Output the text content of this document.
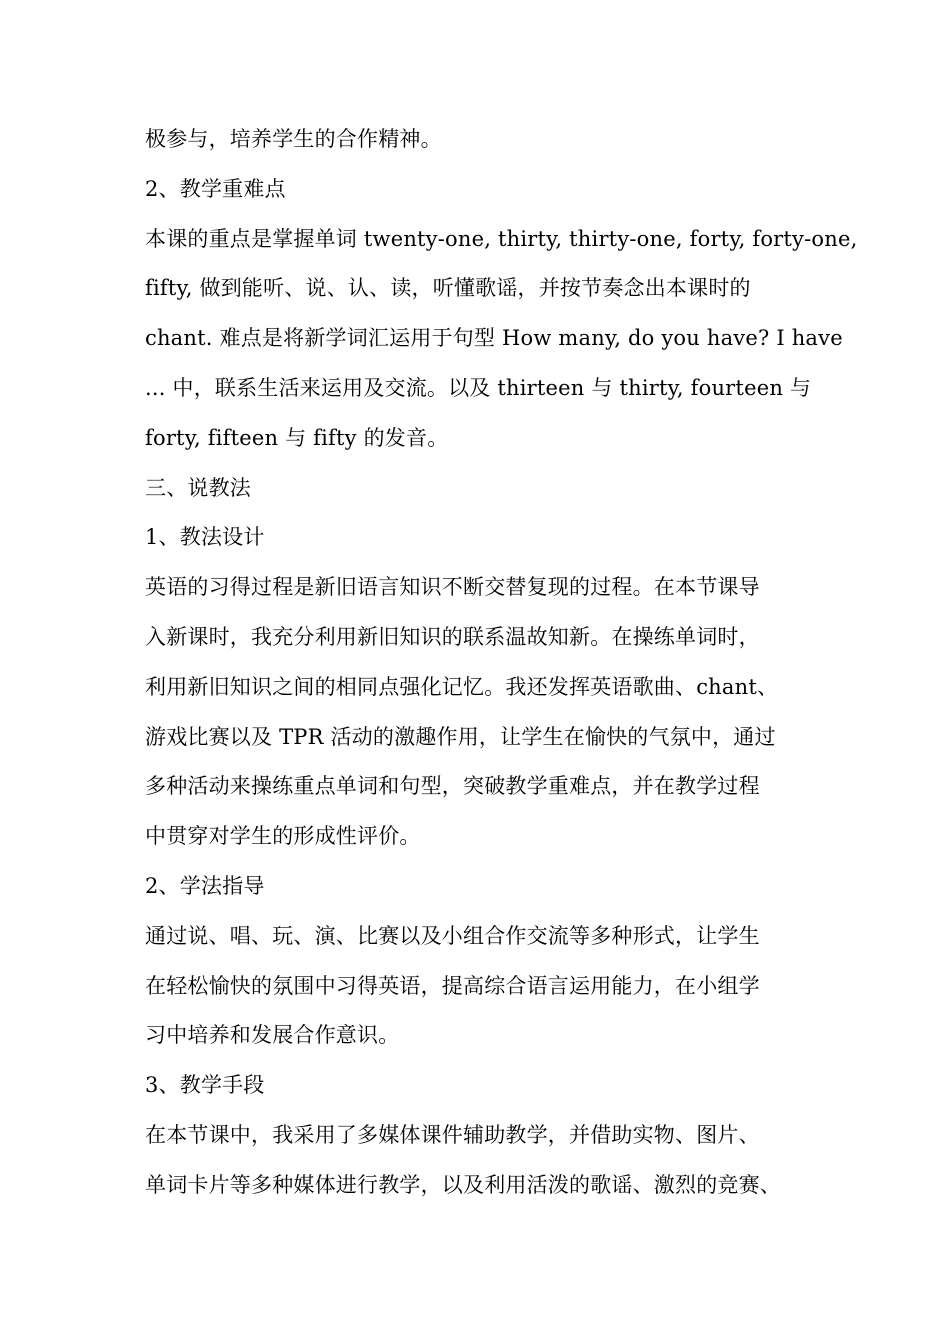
极参与，培养学生的合作精神。

2、教学重难点

本课的重点是掌握单词 twenty-one, thirty, thirty-one, forty, forty-one,

fifty, 做到能听、说、认、读，听懂歌谣，并按节奏念出本课时的

chant. 难点是将新学词汇运用于句型 How many, do you have? I have

... 中，联系生活来运用及交流。以及 thirteen 与 thirty, fourteen 与

forty, fifteen 与 fifty 的发音。

三、说教法

1、教法设计

英语的习得过程是新旧语言知识不断交替复现的过程。在本节课导

入新课时，我充分利用新旧知识的联系温故知新。在操练单词时，

利用新旧知识之间的相同点强化记忆。我还发挥英语歌曲、chant、

游戏比赛以及 TPR 活动的激趣作用，让学生在愉快的气氛中，通过

多种活动来操练重点单词和句型，突破教学重难点，并在教学过程

中贯穿对学生的形成性评价。

2、学法指导

通过说、唱、玩、演、比赛以及小组合作交流等多种形式，让学生

在轻松愉快的氛围中习得英语，提高综合语言运用能力，在小组学

习中培养和发展合作意识。

3、教学手段

在本节课中，我采用了多媒体课件辅助教学，并借助实物、图片、

单词卡片等多种媒体进行教学，以及利用活泼的歌谣、激烈的竞赛、
